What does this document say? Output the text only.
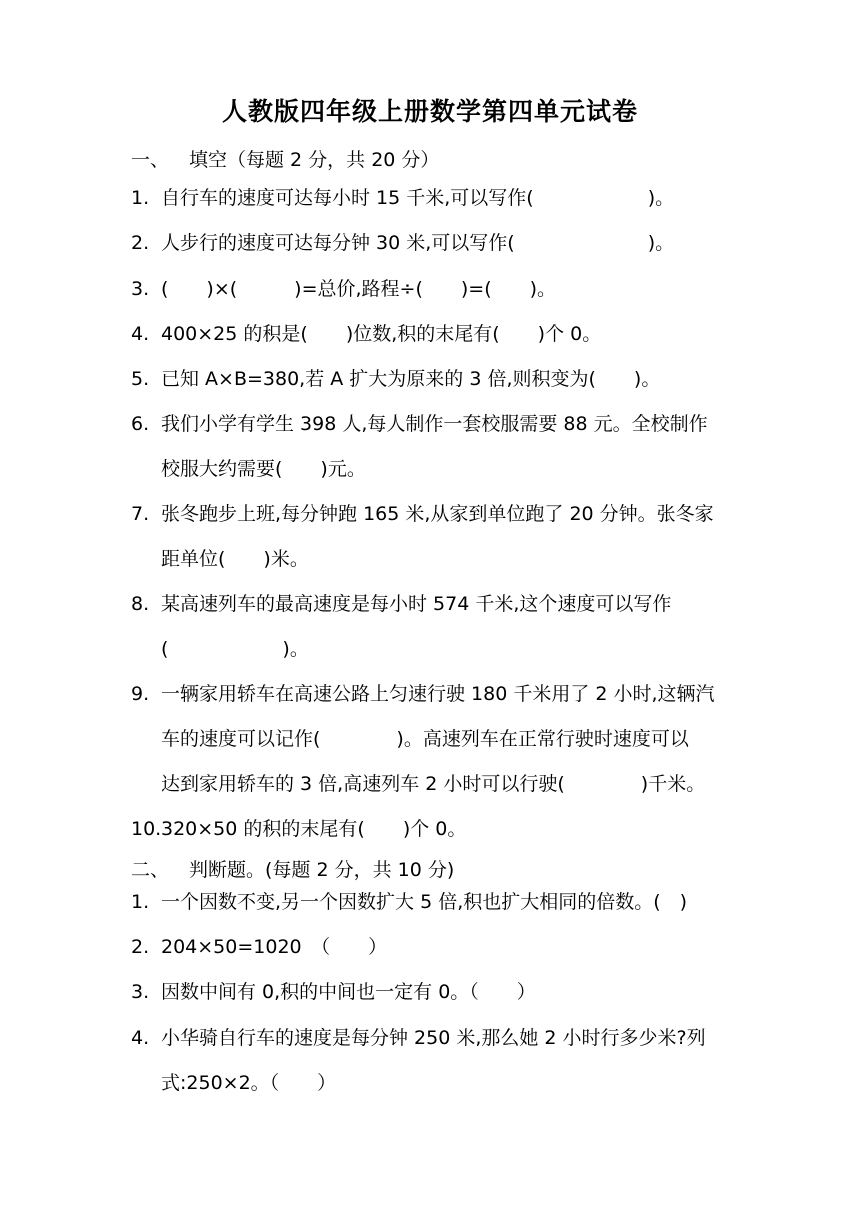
人教版四年级上册数学第四单元试卷
一、 填空（每题 2 分，共 20 分）
1. 自行车的速度可达每小时 15 千米,可以写作(　　　　　　)。
2. 人步行的速度可达每分钟 30 米,可以写作(　　　　　　　)。
3. (　　)×(　　　)=总价,路程÷(　　)=(　　)。
4. 400×25 的积是(　　)位数,积的末尾有(　　)个 0。
5. 已知 A×B=380,若 A 扩大为原来的 3 倍,则积变为(　　)。
6. 我们小学有学生 398 人,每人制作一套校服需要 88 元。全校制作
校服大约需要(　　)元。
7. 张冬跑步上班,每分钟跑 165 米,从家到单位跑了 20 分钟。张冬家
距单位(　　)米。
8. 某高速列车的最高速度是每小时 574 千米,这个速度可以写作
(　　　　　　)。
9. 一辆家用轿车在高速公路上匀速行驶 180 千米用了 2 小时,这辆汽
车的速度可以记作(　　　　)。高速列车在正常行驶时速度可以
达到家用轿车的 3 倍,高速列车 2 小时可以行驶(　　　　)千米。
10.320×50 的积的末尾有(　　)个 0。
二、 判断题。(每题 2 分，共 10 分)
1. 一个因数不变,另一个因数扩大 5 倍,积也扩大相同的倍数。(　)
2. 204×50=1020　（　　）
3. 因数中间有 0,积的中间也一定有 0。（　　）
4. 小华骑自行车的速度是每分钟 250 米,那么她 2 小时行多少米?列
式:250×2。（　　）
